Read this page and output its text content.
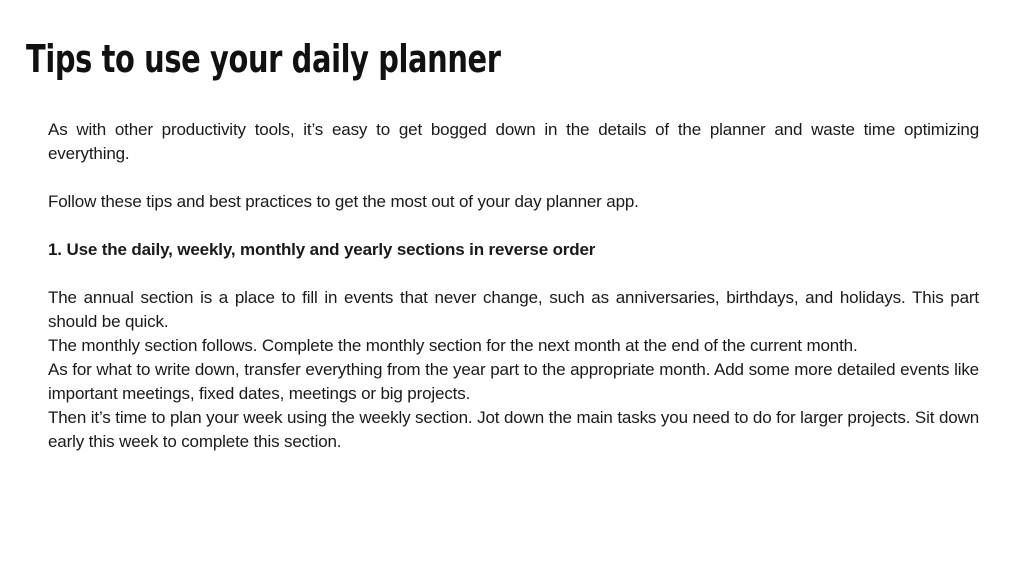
Tips to use your daily planner

As with other productivity tools, it’s easy to get bogged down in the details of the planner and waste time optimizing everything.

Follow these tips and best practices to get the most out of your day planner app.

1. Use the daily, weekly, monthly and yearly sections in reverse order

The annual section is a place to fill in events that never change, such as anniversaries, birthdays, and holidays. This part should be quick.

The monthly section follows. Complete the monthly section for the next month at the end of the current month.

As for what to write down, transfer everything from the year part to the appropriate month. Add some more detailed events like important meetings, fixed dates, meetings or big projects.

Then it’s time to plan your week using the weekly section. Jot down the main tasks you need to do for larger projects. Sit down early this week to complete this section.
